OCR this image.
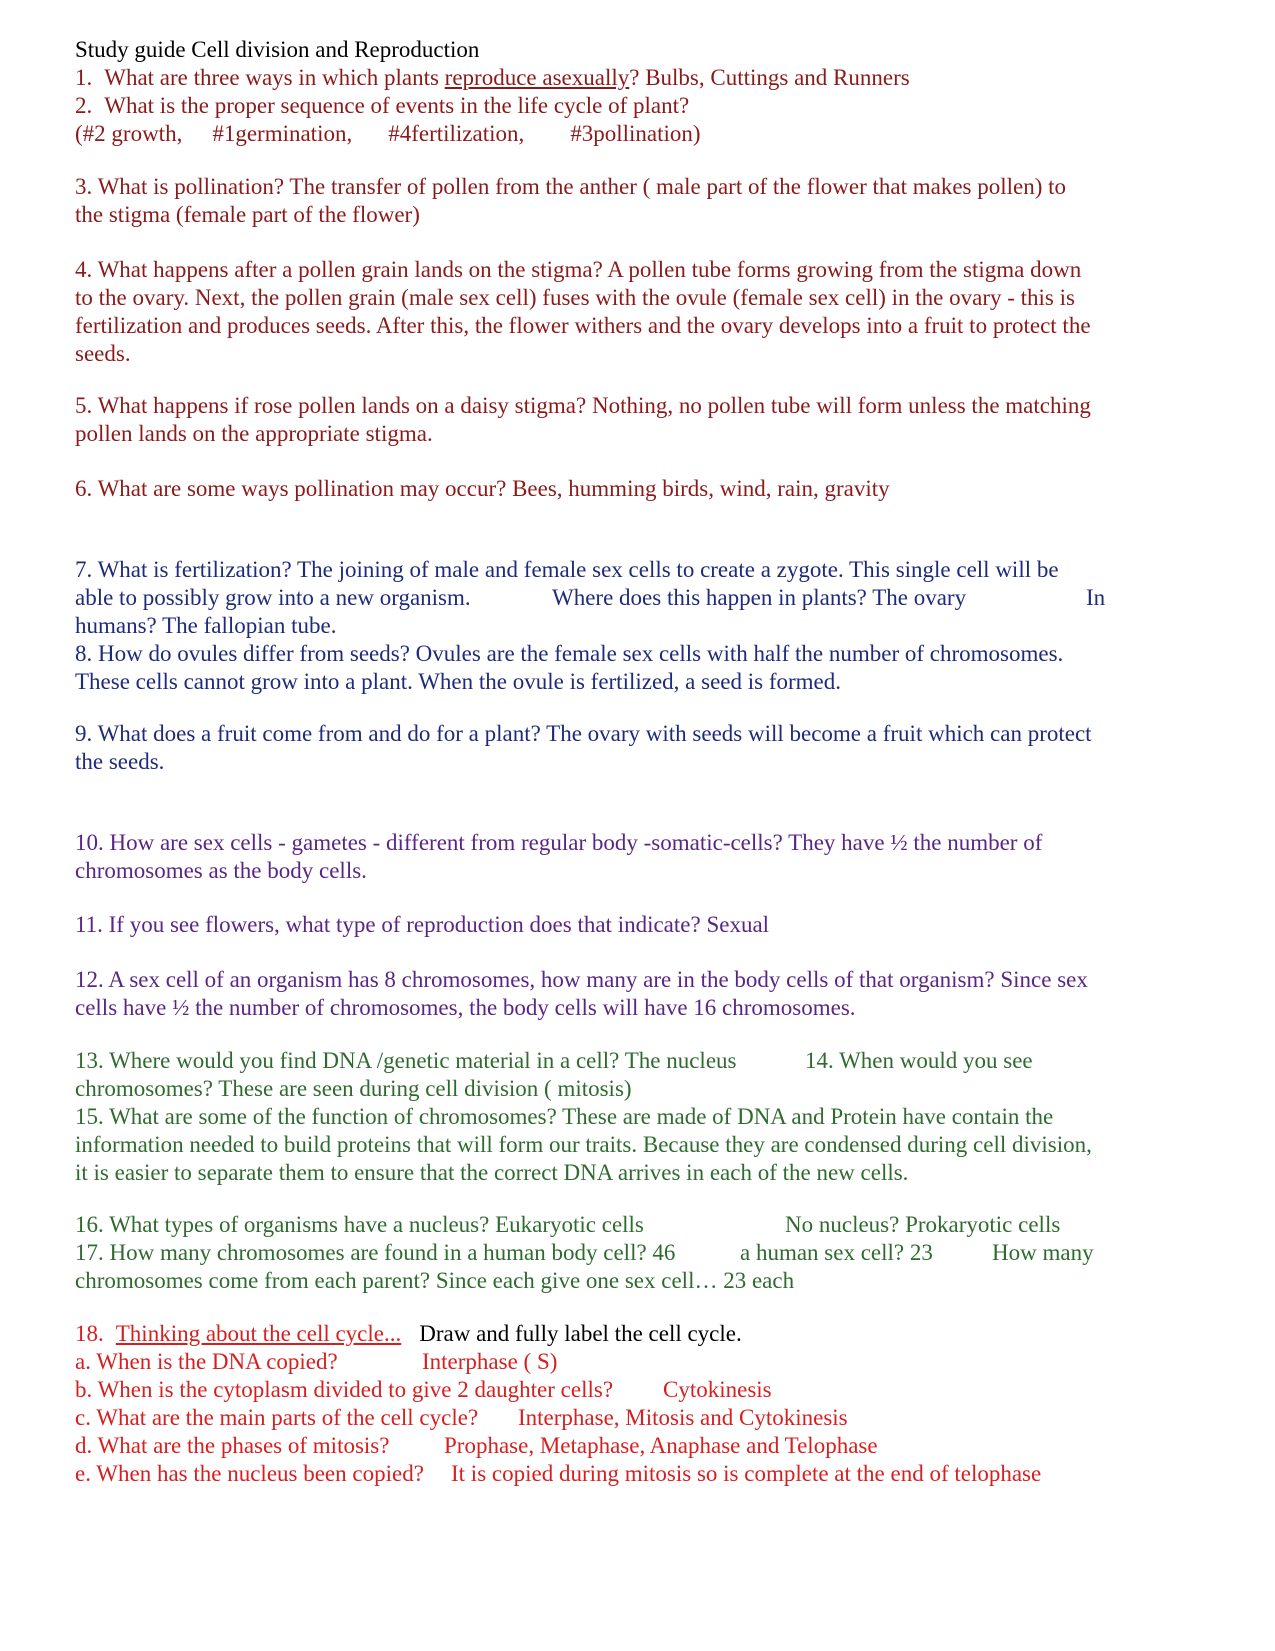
Study guide Cell division and Reproduction
1. What are three ways in which plants reproduce asexually? Bulbs, Cuttings and Runners
2. What is the proper sequence of events in the life cycle of plant?
(#2 growth, #1germination, #4fertilization, #3pollination)
3. What is pollination? The transfer of pollen from the anther ( male part of the flower that makes pollen) to
the stigma (female part of the flower)
4. What happens after a pollen grain lands on the stigma? A pollen tube forms growing from the stigma down
to the ovary. Next, the pollen grain (male sex cell) fuses with the ovule (female sex cell) in the ovary - this is
fertilization and produces seeds. After this, the flower withers and the ovary develops into a fruit to protect the
seeds.
5. What happens if rose pollen lands on a daisy stigma? Nothing, no pollen tube will form unless the matching
pollen lands on the appropriate stigma.
6. What are some ways pollination may occur? Bees, humming birds, wind, rain, gravity
7. What is fertilization? The joining of male and female sex cells to create a zygote. This single cell will be
able to possibly grow into a new organism.	Where does this happen in plants? The ovary	In
humans? The fallopian tube.
8. How do ovules differ from seeds? Ovules are the female sex cells with half the number of chromosomes.
These cells cannot grow into a plant. When the ovule is fertilized, a seed is formed.
9. What does a fruit come from and do for a plant? The ovary with seeds will become a fruit which can protect
the seeds.
10. How are sex cells - gametes - different from regular body -somatic-cells? They have ½ the number of
chromosomes as the body cells.
11. If you see flowers, what type of reproduction does that indicate? Sexual
12. A sex cell of an organism has 8 chromosomes, how many are in the body cells of that organism? Since sex
cells have ½ the number of chromosomes, the body cells will have 16 chromosomes.
13. Where would you find DNA /genetic material in a cell? The nucleus	14. When would you see
chromosomes? These are seen during cell division ( mitosis)
15. What are some of the function of chromosomes? These are made of DNA and Protein have contain the
information needed to build proteins that will form our traits. Because they are condensed during cell division,
it is easier to separate them to ensure that the correct DNA arrives in each of the new cells.
16. What types of organisms have a nucleus? Eukaryotic cells	No nucleus? Prokaryotic cells
17. How many chromosomes are found in a human body cell? 46	a human sex cell? 23	How many
chromosomes come from each parent? Since each give one sex cell… 23 each
18. Thinking about the cell cycle... Draw and fully label the cell cycle.
a. When is the DNA copied?	Interphase ( S)
b. When is the cytoplasm divided to give 2 daughter cells? Cytokinesis
c. What are the main parts of the cell cycle? Interphase, Mitosis and Cytokinesis
d. What are the phases of mitosis? Prophase, Metaphase, Anaphase and Telophase
e. When has the nucleus been copied? It is copied during mitosis so is complete at the end of telophase
